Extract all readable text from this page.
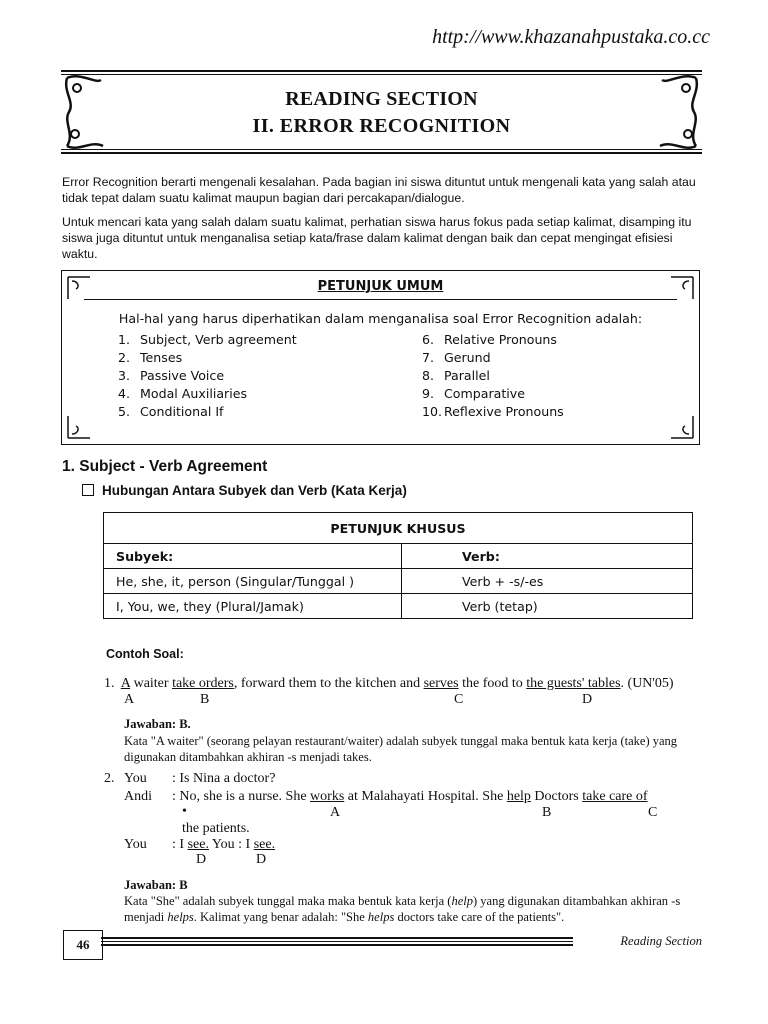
http://www.khazanahpustaka.co.cc
READING SECTION
II. ERROR RECOGNITION
Error Recognition berarti mengenali kesalahan. Pada bagian ini siswa dituntut untuk mengenali kata yang salah atau tidak tepat dalam suatu kalimat maupun bagian dari percakapan/dialogue.
Untuk mencari kata yang salah dalam suatu kalimat, perhatian siswa harus fokus pada setiap kalimat, disamping itu siswa juga dituntut untuk menganalisa setiap kata/frase dalam kalimat dengan baik dan cepat mengingat efisiesi waktu.
PETUNJUK UMUM
Hal-hal yang harus diperhatikan dalam menganalisa soal Error Recognition adalah:
1. Subject, Verb agreement
2. Tenses
3. Passive Voice
4. Modal Auxiliaries
5. Conditional If
6. Relative Pronouns
7. Gerund
8. Parallel
9. Comparative
10. Reflexive Pronouns
1. Subject - Verb Agreement
Hubungan Antara Subyek dan Verb (Kata Kerja)
PETUNJUK KHUSUS	
Subyek:	Verb:
He, she, it, person (Singular/Tunggal )	Verb + -s/-es
I, You, we, they (Plural/Jamak)	Verb (tetap)
Contoh Soal:
1. A waiter take orders, forward them to the kitchen and serves the food to the guests' tables. (UN'05)
A	B	C	D
Jawaban: B.
Kata "A waiter" (seorang pelayan restaurant/waiter) adalah subyek tunggal maka bentuk kata kerja (take) yang digunakan ditambahkan akhiran -s menjadi takes.
2. You : Is Nina a doctor?
Andi : No, she is a nurse. She works at Malahayati Hospital. She help Doctors take care of
•	A	B	C
the patients.
You : I see. You : I see.
D	D
Jawaban: B
Kata "She" adalah subyek tunggal maka maka bentuk kata kerja (help) yang digunakan ditambahkan akhiran -s menjadi helps. Kalimat yang benar adalah: "She helps doctors take care of the patients".
46	Reading Section
